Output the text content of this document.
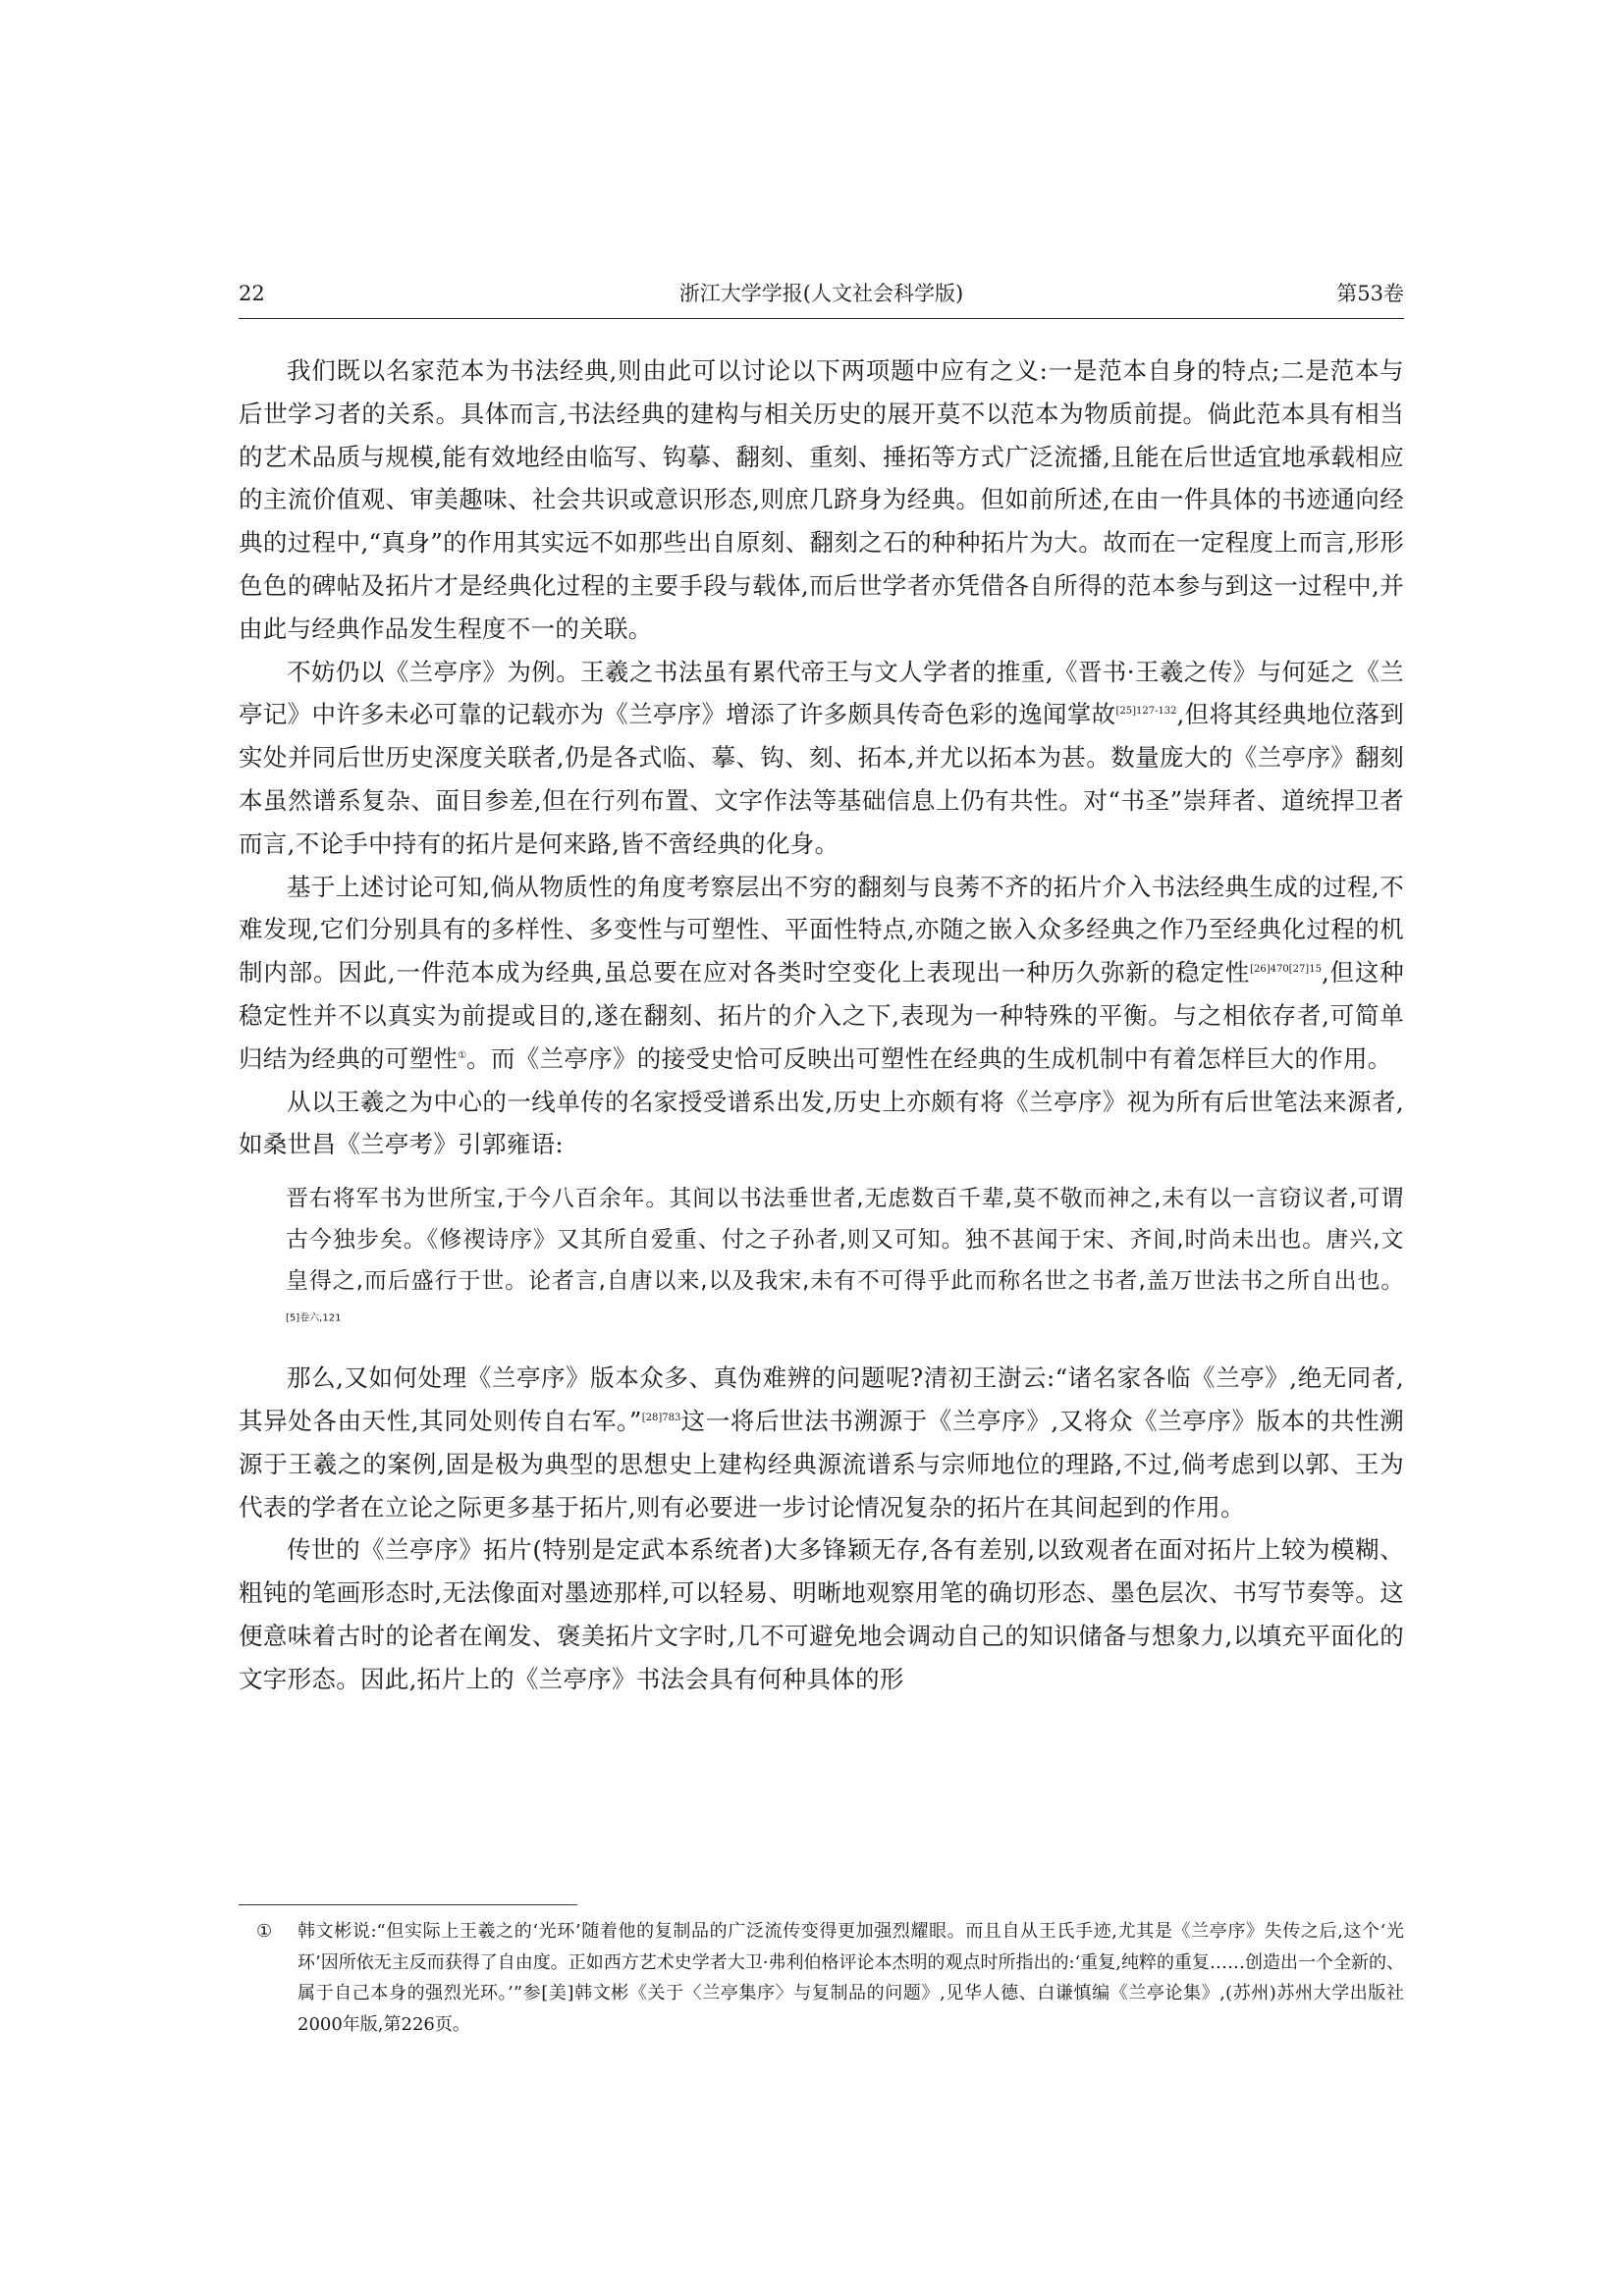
22	浙江大学学报(人文社会科学版)	第53卷

我们既以名家范本为书法经典,则由此可以讨论以下两项题中应有之义:一是范本自身的特点;二是范本与后世学习者的关系。具体而言,书法经典的建构与相关历史的展开莫不以范本为物质前提。倘此范本具有相当的艺术品质与规模,能有效地经由临写、钩摹、翻刻、重刻、捶拓等方式广泛流播,且能在后世适宜地承载相应的主流价值观、审美趣味、社会共识或意识形态,则庶几跻身为经典。但如前所述,在由一件具体的书迹通向经典的过程中,“真身”的作用其实远不如那些出自原刻、翻刻之石的种种拓片为大。故而在一定程度上而言,形形色色的碑帖及拓片才是经典化过程的主要手段与载体,而后世学者亦凭借各自所得的范本参与到这一过程中,并由此与经典作品发生程度不一的关联。

不妨仍以《兰亭序》为例。王羲之书法虽有累代帝王与文人学者的推重,《晋书·王羲之传》与何延之《兰亭记》中许多未必可靠的记载亦为《兰亭序》增添了许多颇具传奇色彩的逸闻掌故$^{[25]127-132}$,但将其经典地位落到实处并同后世历史深度关联者,仍是各式临、摹、钩、刻、拓本,并尤以拓本为甚。数量庞大的《兰亭序》翻刻本虽然谱系复杂、面目参差,但在行列布置、文字作法等基础信息上仍有共性。对“书圣”崇拜者、道统捍卫者而言,不论手中持有的拓片是何来路,皆不啻经典的化身。

基于上述讨论可知,倘从物质性的角度考察层出不穷的翻刻与良莠不齐的拓片介入书法经典生成的过程,不难发现,它们分别具有的多样性、多变性与可塑性、平面性特点,亦随之嵌入众多经典之作乃至经典化过程的机制内部。因此,一件范本成为经典,虽总要在应对各类时空变化上表现出一种历久弥新的稳定性$^{[26]470[27]15}$,但这种稳定性并不以真实为前提或目的,遂在翻刻、拓片的介入之下,表现为一种特殊的平衡。与之相依存者,可简单归结为经典的可塑性①。而《兰亭序》的接受史恰可反映出可塑性在经典的生成机制中有着怎样巨大的作用。

从以王羲之为中心的一线单传的名家授受谱系出发,历史上亦颇有将《兰亭序》视为所有后世笔法来源者,如桑世昌《兰亭考》引郭雍语:

晋右将军书为世所宝,于今八百余年。其间以书法垂世者,无虑数百千辈,莫不敬而神之,未有以一言窃议者,可谓古今独步矣。《修禊诗序》又其所自爱重、付之子孙者,则又可知。独不甚闻于宋、齐间,时尚未出也。唐兴,文皇得之,而后盛行于世。论者言,自唐以来,以及我宋,未有不可得乎此而称名世之书者,盖万世法书之所自出也。$^{[5]卷六,121}$

那么,又如何处理《兰亭序》版本众多、真伪难辨的问题呢?清初王澍云:“诸名家各临《兰亭》,绝无同者,其异处各由天性,其同处则传自右军。”$^{[28]783}$这一将后世法书溯源于《兰亭序》,又将众《兰亭序》版本的共性溯源于王羲之的案例,固是极为典型的思想史上建构经典源流谱系与宗师地位的理路,不过,倘考虑到以郭、王为代表的学者在立论之际更多基于拓片,则有必要进一步讨论情况复杂的拓片在其间起到的作用。

传世的《兰亭序》拓片(特别是定武本系统者)大多锋颖无存,各有差别,以致观者在面对拓片上较为模糊、粗钝的笔画形态时,无法像面对墨迹那样,可以轻易、明晰地观察用笔的确切形态、墨色层次、书写节奏等。这便意味着古时的论者在阐发、褒美拓片文字时,几不可避免地会调动自己的知识储备与想象力,以填充平面化的文字形态。因此,拓片上的《兰亭序》书法会具有何种具体的形

① 韩文彬说:“但实际上王羲之的‘光环’随着他的复制品的广泛流传变得更加强烈耀眼。而且自从王氏手迹,尤其是《兰亭序》失传之后,这个‘光环’因所依无主反而获得了自由度。正如西方艺术史学者大卫·弗利伯格评论本杰明的观点时所指出的:‘重复,纯粹的重复……创造出一个全新的、属于自己本身的强烈光环。’”参[美]韩文彬《关于〈兰亭集序〉与复制品的问题》,见华人德、白谦慎编《兰亭论集》,(苏州)苏州大学出版社2000年版,第226页。
